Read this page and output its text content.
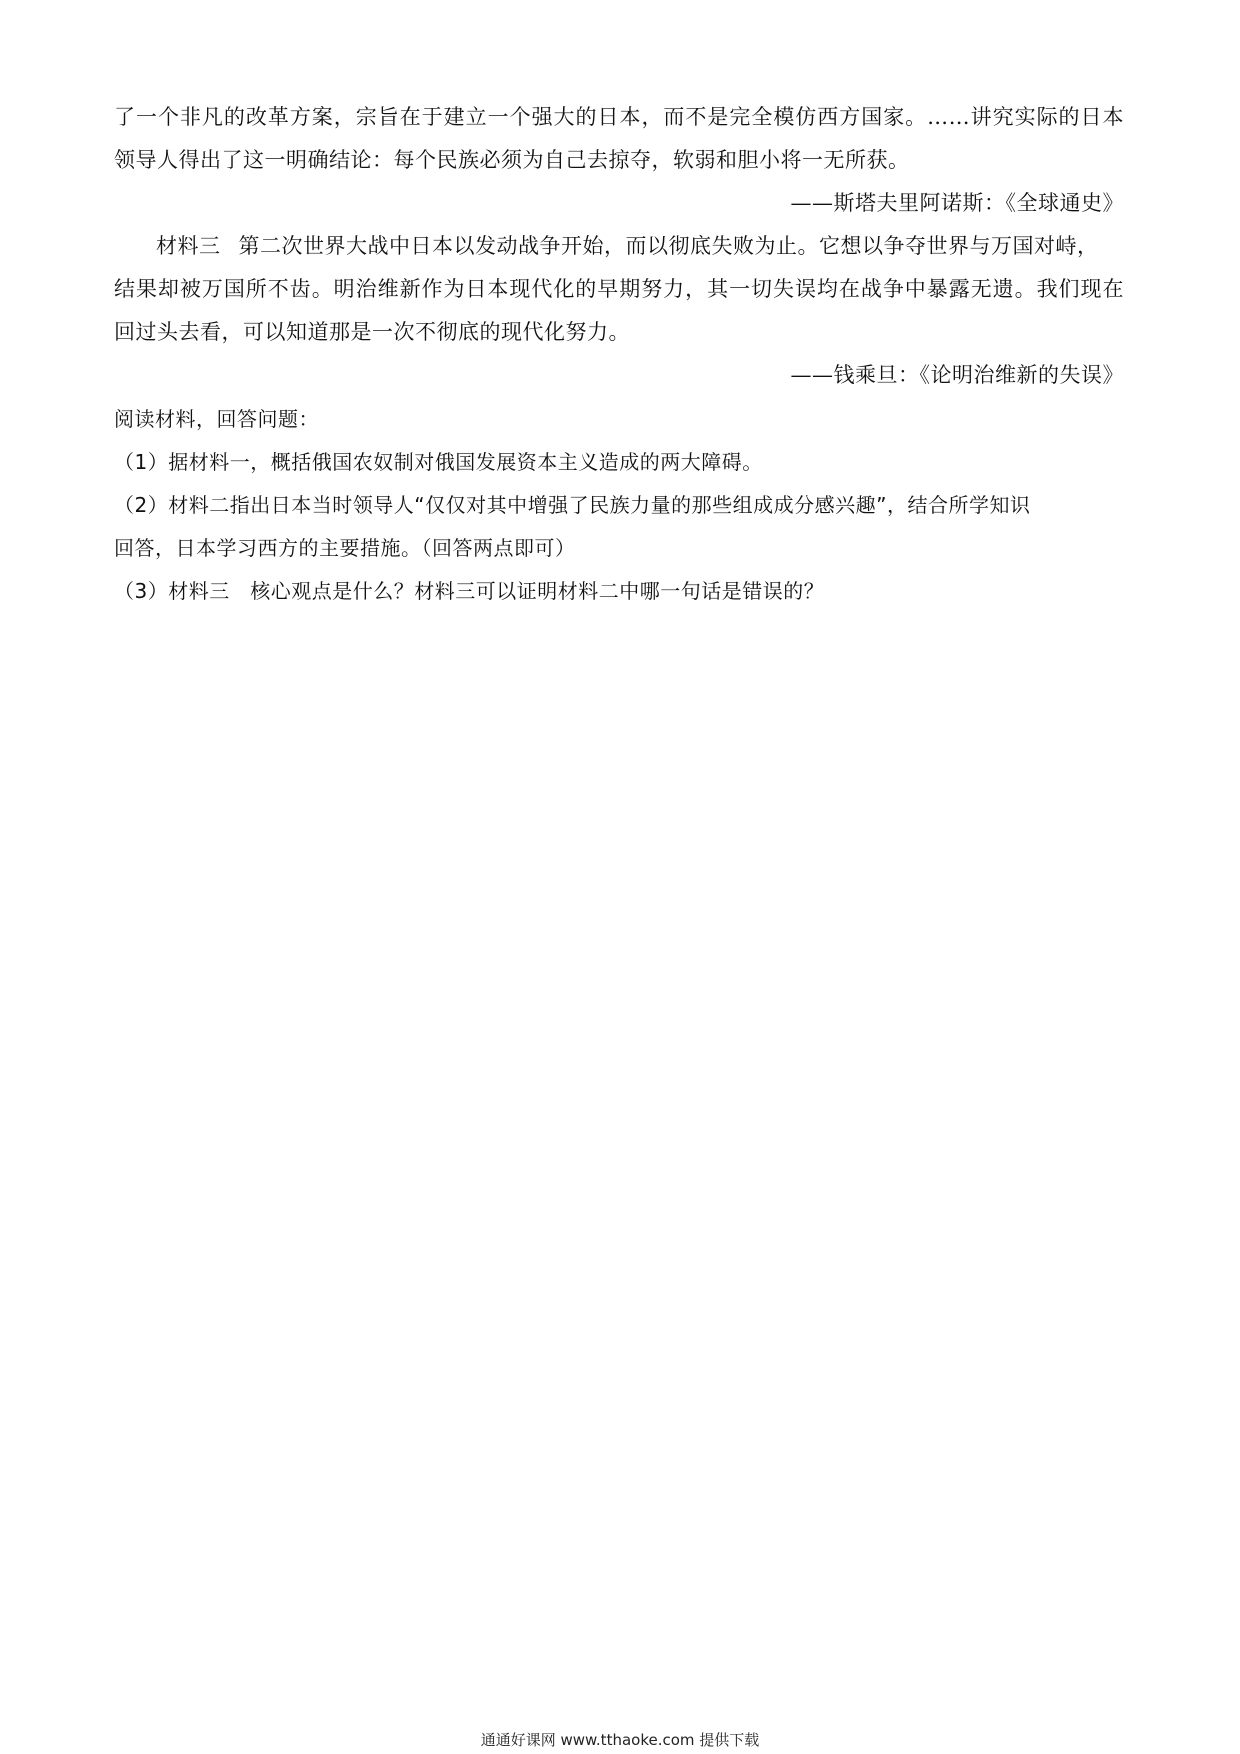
了一个非凡的改革方案，宗旨在于建立一个强大的日本，而不是完全模仿西方国家。……讲究实际的日本
领导人得出了这一明确结论：每个民族必须为自己去掠夺，软弱和胆小将一无所获。
——斯塔夫里阿诺斯：《全球通史》
材料三 第二次世界大战中日本以发动战争开始，而以彻底失败为止。它想以争夺世界与万国对峙，
结果却被万国所不齿。明治维新作为日本现代化的早期努力，其一切失误均在战争中暴露无遗。我们现在
回过头去看，可以知道那是一次不彻底的现代化努力。
——钱乘旦：《论明治维新的失误》
阅读材料，回答问题：
（1）据材料一，概括俄国农奴制对俄国发展资本主义造成的两大障碍。
（2）材料二指出日本当时领导人“仅仅对其中增强了民族力量的那些组成成分感兴趣”，结合所学知识
回答，日本学习西方的主要措施。（回答两点即可）
（3）材料三　核心观点是什么？材料三可以证明材料二中哪一句话是错误的？
通通好课网 www.tthaoke.com 提供下载
